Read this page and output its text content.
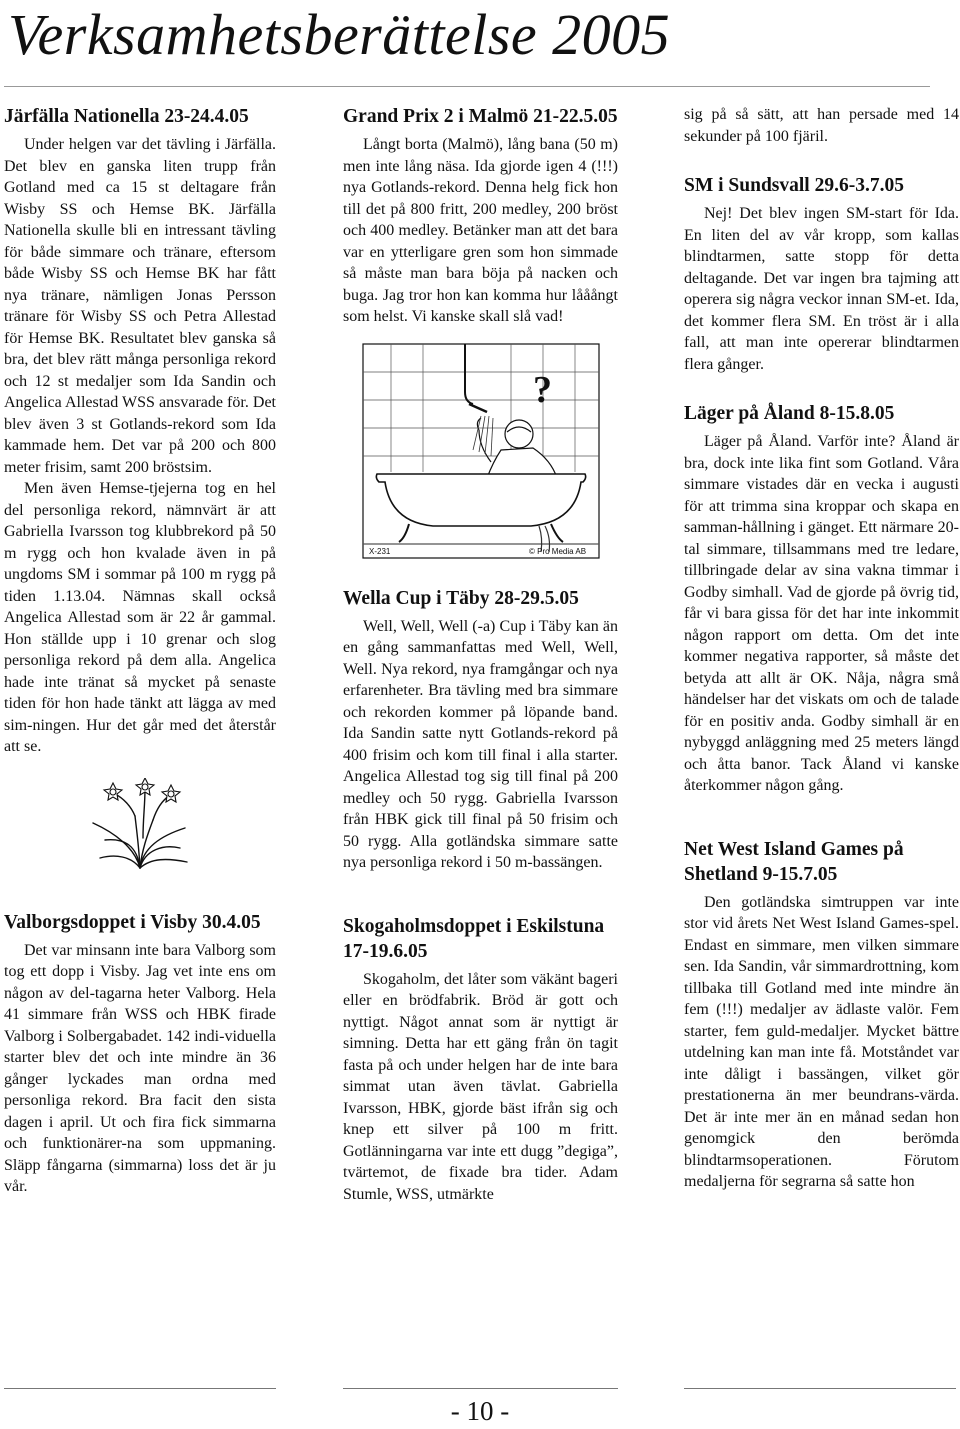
Verksamhetsberättelse 2005
Järfälla Nationella 23-24.4.05
Under helgen var det tävling i Järfälla. Det blev en ganska liten trupp från Gotland med ca 15 st deltagare från Wisby SS och Hemse BK. Järfälla Nationella skulle bli en intressant tävling för både simmare och tränare, eftersom både Wisby SS och Hemse BK har fått nya tränare, nämligen Jonas Persson tränare för Wisby SS och Petra Allestad för Hemse BK. Resultatet blev ganska så bra, det blev rätt många personliga rekord och 12 st medaljer som Ida Sandin och Angelica Allestad WSS ansvarade för. Det blev även 3 st Gotlands-rekord som Ida kammade hem. Det var på 200 och 800 meter frisim, samt 200 bröstsim.
Men även Hemse-tjejerna tog en hel del personliga rekord, nämnvärt är att Gabriella Ivarsson tog klubbrekord på 50 m rygg och hon kvalade även in på ungdoms SM i sommar på 100 m rygg på tiden 1.13.04. Nämnas skall också Angelica Allestad som är 22 år gammal. Hon ställde upp i 10 grenar och slog personliga rekord på dem alla. Angelica hade inte tränat så mycket på senaste tiden för hon hade tänkt att lägga av med sim-ningen. Hur det går med det återstår att se.
Valborgsdoppet i Visby 30.4.05
Det var minsann inte bara Valborg som tog ett dopp i Visby. Jag vet inte ens om någon av del-tagarna heter Valborg. Hela 41 simmare från WSS och HBK firade Valborg i Solbergabadet. 142 indi-viduella starter blev det och inte mindre än 36 gånger lyckades man ordna med personliga rekord. Bra facit den sista dagen i april. Ut och fira fick simmarna och funktionärer-na som uppmaning. Släpp fångarna (simmarna) loss det är ju vår.
Grand Prix 2 i Malmö 21-22.5.05
Långt borta (Malmö), lång bana (50 m) men inte lång näsa. Ida gjorde igen 4 (!!!) nya Gotlands-rekord. Denna helg fick hon till det på 800 fritt, 200 medley, 200 bröst och 400 medley. Betänker man att det bara var en ytterligare gren som hon simmade så måste man bara böja på nacken och buga. Jag tror hon kan komma hur lååångt som helst. Vi kanske skall slå vad!
?
X-231	© Pro Media AB
Wella Cup i Täby 28-29.5.05
Well, Well, Well (-a) Cup i Täby kan än en gång sammanfattas med Well, Well, Well. Nya rekord, nya framgångar och nya erfarenheter. Bra tävling med bra simmare och rekorden kommer på löpande band. Ida Sandin satte nytt Gotlands-rekord på 400 frisim och kom till final i alla starter. Angelica Allestad tog sig till final på 200 medley och 50 rygg. Gabriella Ivarsson från HBK gick till final på 50 frisim och 50 rygg. Alla gotländska simmare satte nya personliga rekord i 50 m-bassängen.
Skogaholmsdoppet i Eskilstuna 17-19.6.05
Skogaholm, det låter som väkänt bageri eller en brödfabrik. Bröd är gott och nyttigt. Något annat som är nyttigt är simning. Detta har ett gäng från ön tagit fasta på och under helgen har de inte bara simmat utan även tävlat. Gabriella Ivarsson, HBK, gjorde bäst ifrån sig och knep ett silver på 100 m fritt. Gotlänningarna var inte ett dugg ”degiga”, tvärtemot, de fixade bra tider. Adam Stumle, WSS, utmärkte
sig på så sätt, att han persade med 14 sekunder på 100 fjäril.
SM i Sundsvall 29.6-3.7.05
Nej! Det blev ingen SM-start för Ida. En liten del av vår kropp, som kallas blindtarmen, satte stopp för detta deltagande. Det var ingen bra tajming att operera sig några veckor innan SM-et. Ida, det kommer flera SM. En tröst är i alla fall, att man inte opererar blindtarmen flera gånger.
Läger på Åland 8-15.8.05
Läger på Åland. Varför inte? Åland är bra, dock inte lika fint som Gotland. Våra simmare vistades där en vecka i augusti för att trimma sina kroppar och skapa en samman-hållning i gänget. Ett närmare 20-tal simmare, tillsammans med tre ledare, tillbringade delar av sina vakna timmar i Godby simhall. Vad de gjorde på övrig tid, får vi bara gissa för det har inte inkommit någon rapport om detta. Om det inte kommer negativa rapporter, så måste det betyda att allt är OK. Nåja, några små händelser har det viskats om och de talade för en positiv anda. Godby simhall är en nybyggd anläggning med 25 meters längd och åtta banor. Tack Åland vi kanske återkommer någon gång.
Net West Island Games på Shetland 9-15.7.05
Den gotländska simtruppen var inte stor vid årets Net West Island Games-spel. Endast en simmare, men vilken simmare sen. Ida Sandin, vår simmardrottning, kom tillbaka till Gotland med inte mindre än fem (!!!) medaljer av ädlaste valör. Fem starter, fem guld-medaljer. Mycket bättre utdelning kan man inte få. Motståndet var inte dåligt i bassängen, vilket gör prestationerna än mer beundrans-värda. Det är inte mer än en månad sedan hon genomgick den berömda blindtarmsoperationen. Förutom medaljerna för segrarna så satte hon
- 10 -
